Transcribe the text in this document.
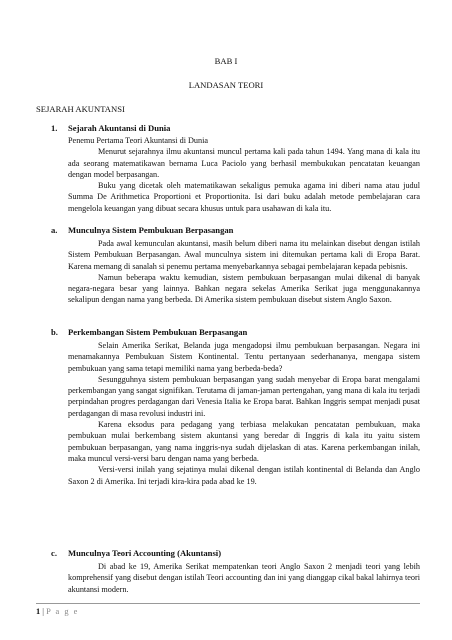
BAB I
LANDASAN TEORI
SEJARAH AKUNTANSI
1. Sejarah Akuntansi di Dunia

Penemu Pertama Teori Akuntansi di Dunia

Menurut sejarahnya ilmu akuntansi muncul pertama kali pada tahun 1494. Yang mana di kala itu ada seorang matematikawan bernama Luca Paciolo yang berhasil membukukan pencatatan keuangan dengan model berpasangan.

Buku yang dicetak oleh matematikawan sekaligus pemuka agama ini diberi nama atau judul Summa De Arithmetica Proportioni et Proportionita. Isi dari buku adalah metode pembelajaran cara mengelola keuangan yang dibuat secara khusus untuk para usahawan di kala itu.

a. Munculnya Sistem Pembukuan Berpasangan

Pada awal kemunculan akuntansi, masih belum diberi nama itu melainkan disebut dengan istilah Sistem Pembukuan Berpasangan. Awal munculnya sistem ini ditemukan pertama kali di Eropa Barat. Karena memang di sanalah si penemu pertama menyebarkannya sebagai pembelajaran kepada pebisnis.

Namun beberapa waktu kemudian, sistem pembukuan berpasangan mulai dikenal di banyak negara-negara besar yang lainnya. Bahkan negara sekelas Amerika Serikat juga menggunakannya sekalipun dengan nama yang berbeda. Di Amerika sistem pembukuan disebut sistem Anglo Saxon.

b. Perkembangan Sistem Pembukuan Berpasangan

Selain Amerika Serikat, Belanda juga mengadopsi ilmu pembukuan berpasangan. Negara ini menamakannya Pembukuan Sistem Kontinental. Tentu pertanyaan sederhananya, mengapa sistem pembukuan yang sama tetapi memiliki nama yang berbeda-beda?

Sesungguhnya sistem pembukuan berpasangan yang sudah menyebar di Eropa barat mengalami perkembangan yang sangat signifikan. Terutama di jaman-jaman pertengahan, yang mana di kala itu terjadi perpindahan progres perdagangan dari Venesia Italia ke Eropa barat. Bahkan Inggris sempat menjadi pusat perdagangan di masa revolusi industri ini.

Karena eksodus para pedagang yang terbiasa melakukan pencatatan pembukuan, maka pembukuan mulai berkembang sistem akuntansi yang beredar di Inggris di kala itu yaitu sistem pembukuan berpasangan, yang nama inggris-nya sudah dijelaskan di atas. Karena perkembangan inilah, maka muncul versi-versi baru dengan nama yang berbeda.

Versi-versi inilah yang sejatinya mulai dikenal dengan istilah kontinental di Belanda dan Anglo Saxon 2 di Amerika. Ini terjadi kira-kira pada abad ke 19.

c. Munculnya Teori Accounting (Akuntansi)

Di abad ke 19, Amerika Serikat mempatenkan teori Anglo Saxon 2 menjadi teori yang lebih komprehensif yang disebut dengan istilah Teori accounting dan ini yang dianggap cikal bakal lahirnya teori akuntansi modern.

1 | P a g e
